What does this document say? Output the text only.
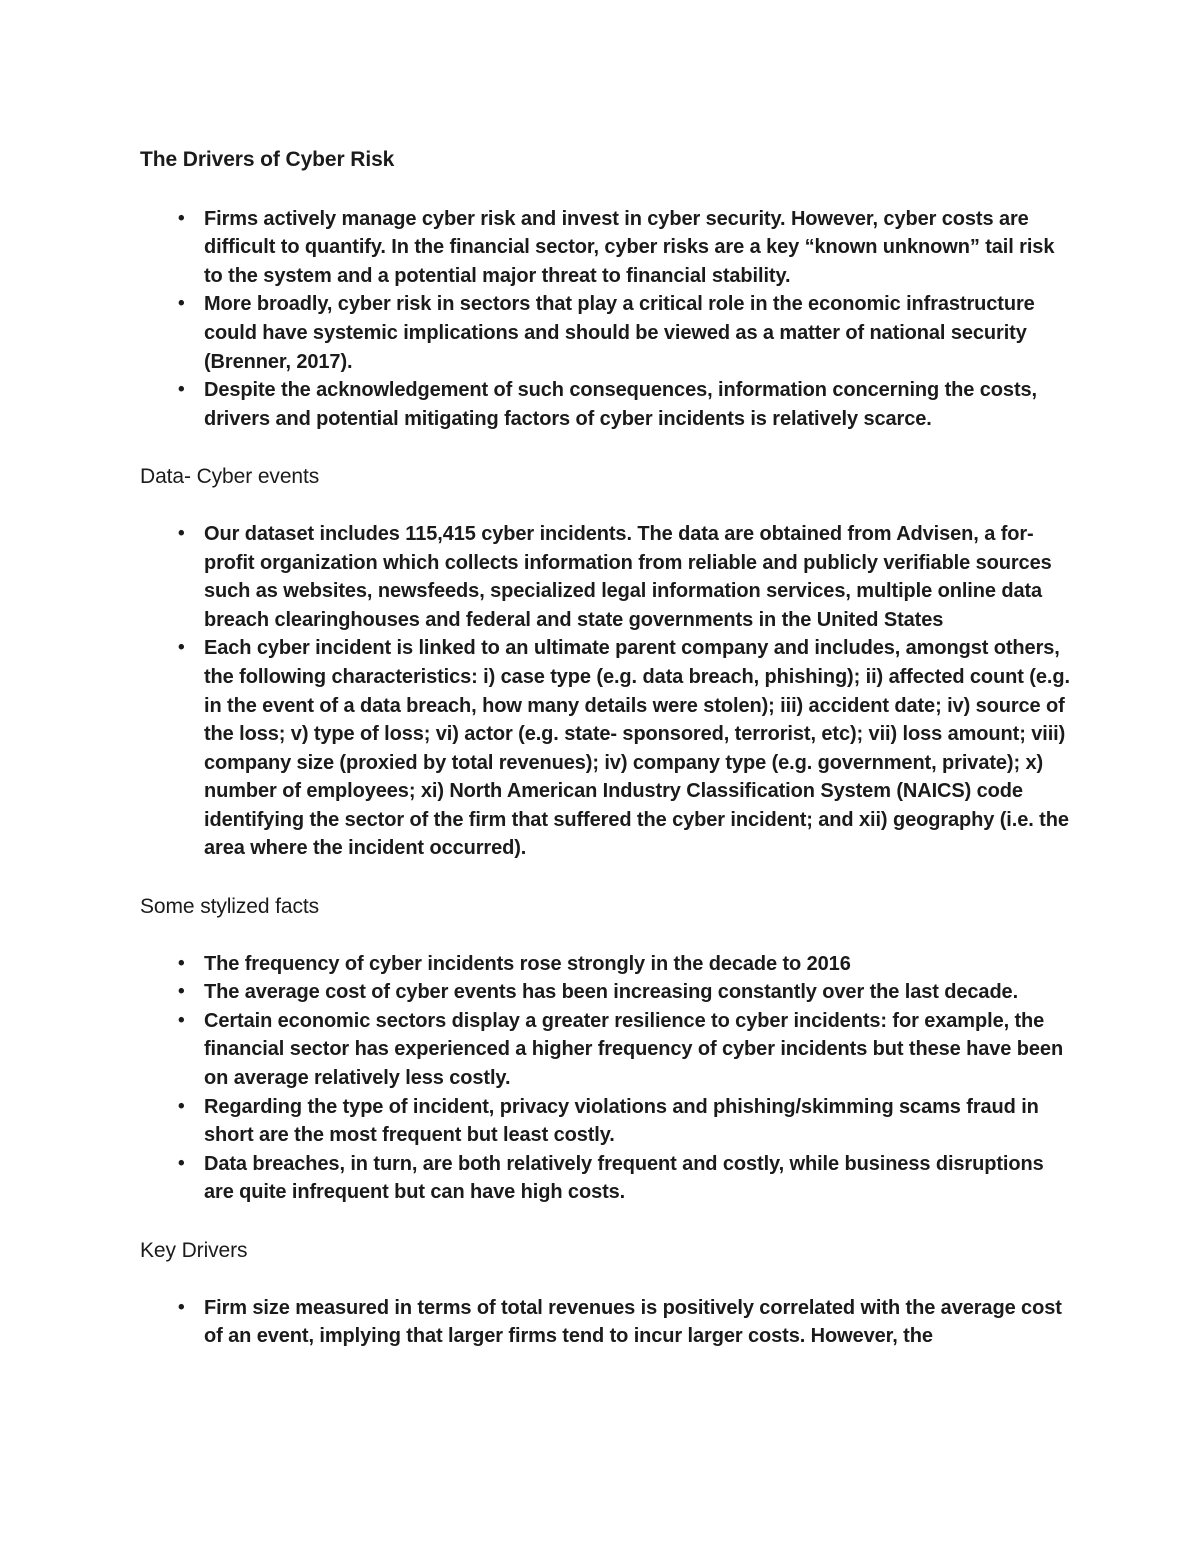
The Drivers of Cyber Risk
• Firms actively manage cyber risk and invest in cyber security. However, cyber costs are difficult to quantify. In the financial sector, cyber risks are a key “known unknown” tail risk to the system and a potential major threat to financial stability.
• More broadly, cyber risk in sectors that play a critical role in the economic infrastructure could have systemic implications and should be viewed as a matter of national security (Brenner, 2017).
• Despite the acknowledgement of such consequences, information concerning the costs, drivers and potential mitigating factors of cyber incidents is relatively scarce.
Data- Cyber events
• Our dataset includes 115,415 cyber incidents. The data are obtained from Advisen, a for-profit organization which collects information from reliable and publicly verifiable sources such as websites, newsfeeds, specialized legal information services, multiple online data breach clearinghouses and federal and state governments in the United States
• Each cyber incident is linked to an ultimate parent company and includes, amongst others, the following characteristics: i) case type (e.g. data breach, phishing); ii) affected count (e.g. in the event of a data breach, how many details were stolen); iii) accident date; iv) source of the loss; v) type of loss; vi) actor (e.g. state- sponsored, terrorist, etc); vii) loss amount; viii) company size (proxied by total revenues); iv) company type (e.g. government, private); x) number of employees; xi) North American Industry Classification System (NAICS) code identifying the sector of the firm that suffered the cyber incident; and xii) geography (i.e. the area where the incident occurred).
Some stylized facts
• The frequency of cyber incidents rose strongly in the decade to 2016
• The average cost of cyber events has been increasing constantly over the last decade.
• Certain economic sectors display a greater resilience to cyber incidents: for example, the financial sector has experienced a higher frequency of cyber incidents but these have been on average relatively less costly.
• Regarding the type of incident, privacy violations and phishing/skimming scams fraud in short are the most frequent but least costly.
• Data breaches, in turn, are both relatively frequent and costly, while business disruptions are quite infrequent but can have high costs.
Key Drivers
• Firm size measured in terms of total revenues is positively correlated with the average cost of an event, implying that larger firms tend to incur larger costs. However, the
